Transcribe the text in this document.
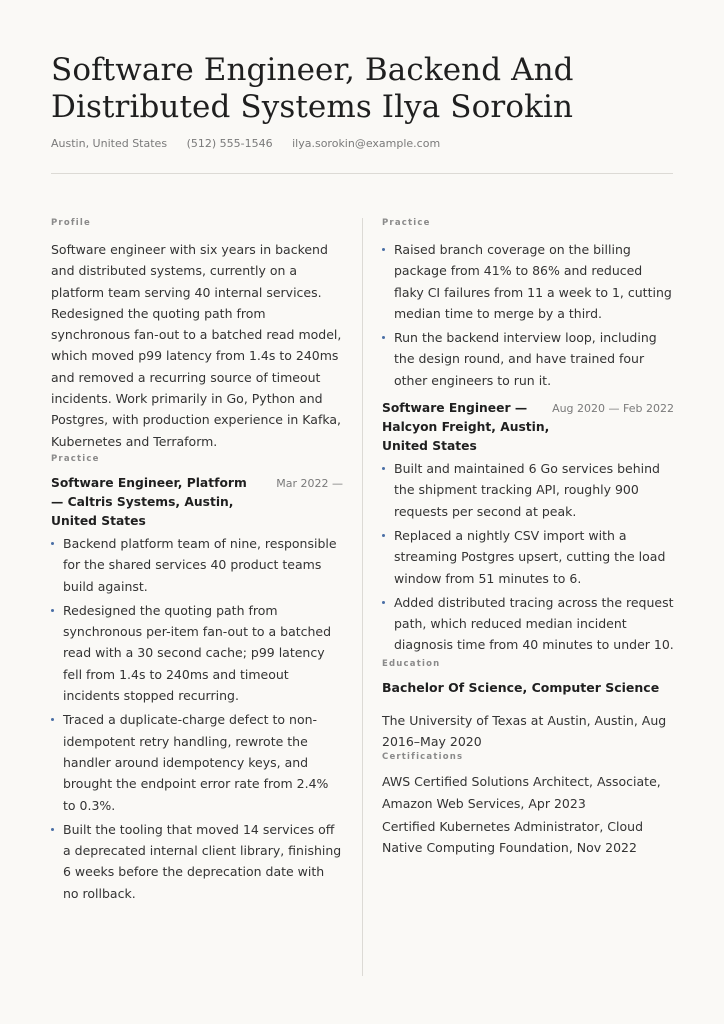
Software Engineer, Backend And Distributed Systems Ilya Sorokin
Austin, United States (512) 555-1546 ilya.sorokin@example.com
Profile

Software engineer with six years in backend and distributed systems, currently on a platform team serving 40 internal services. Redesigned the quoting path from synchronous fan-out to a batched read model, which moved p99 latency from 1.4s to 240ms and removed a recurring source of timeout incidents. Work primarily in Go, Python and Postgres, with production experience in Kafka, Kubernetes and Terraform.

Practice
Software Engineer, Platform — Caltris Systems, Austin, United States
Mar 2022 —
Backend platform team of nine, responsible for the shared services 40 product teams build against.
Redesigned the quoting path from synchronous per-item fan-out to a batched read with a 30 second cache; p99 latency fell from 1.4s to 240ms and timeout incidents stopped recurring.
Traced a duplicate-charge defect to non-idempotent retry handling, rewrote the handler around idempotency keys, and brought the endpoint error rate from 2.4% to 0.3%.
Built the tooling that moved 14 services off a deprecated internal client library, finishing 6 weeks before the deprecation date with no rollback.
Practice
Raised branch coverage on the billing package from 41% to 86% and reduced flaky CI failures from 11 a week to 1, cutting median time to merge by a third.
Run the backend interview loop, including the design round, and have trained four other engineers to run it.
Software Engineer — Halcyon Freight, Austin, United States
Aug 2020 — Feb 2022
Built and maintained 6 Go services behind the shipment tracking API, roughly 900 requests per second at peak.
Replaced a nightly CSV import with a streaming Postgres upsert, cutting the load window from 51 minutes to 6.
Added distributed tracing across the request path, which reduced median incident diagnosis time from 40 minutes to under 10.
Education
Bachelor Of Science, Computer Science
The University of Texas at Austin, Austin, Aug 2016–May 2020
Certifications
AWS Certified Solutions Architect, Associate, Amazon Web Services, Apr 2023
Certified Kubernetes Administrator, Cloud Native Computing Foundation, Nov 2022
